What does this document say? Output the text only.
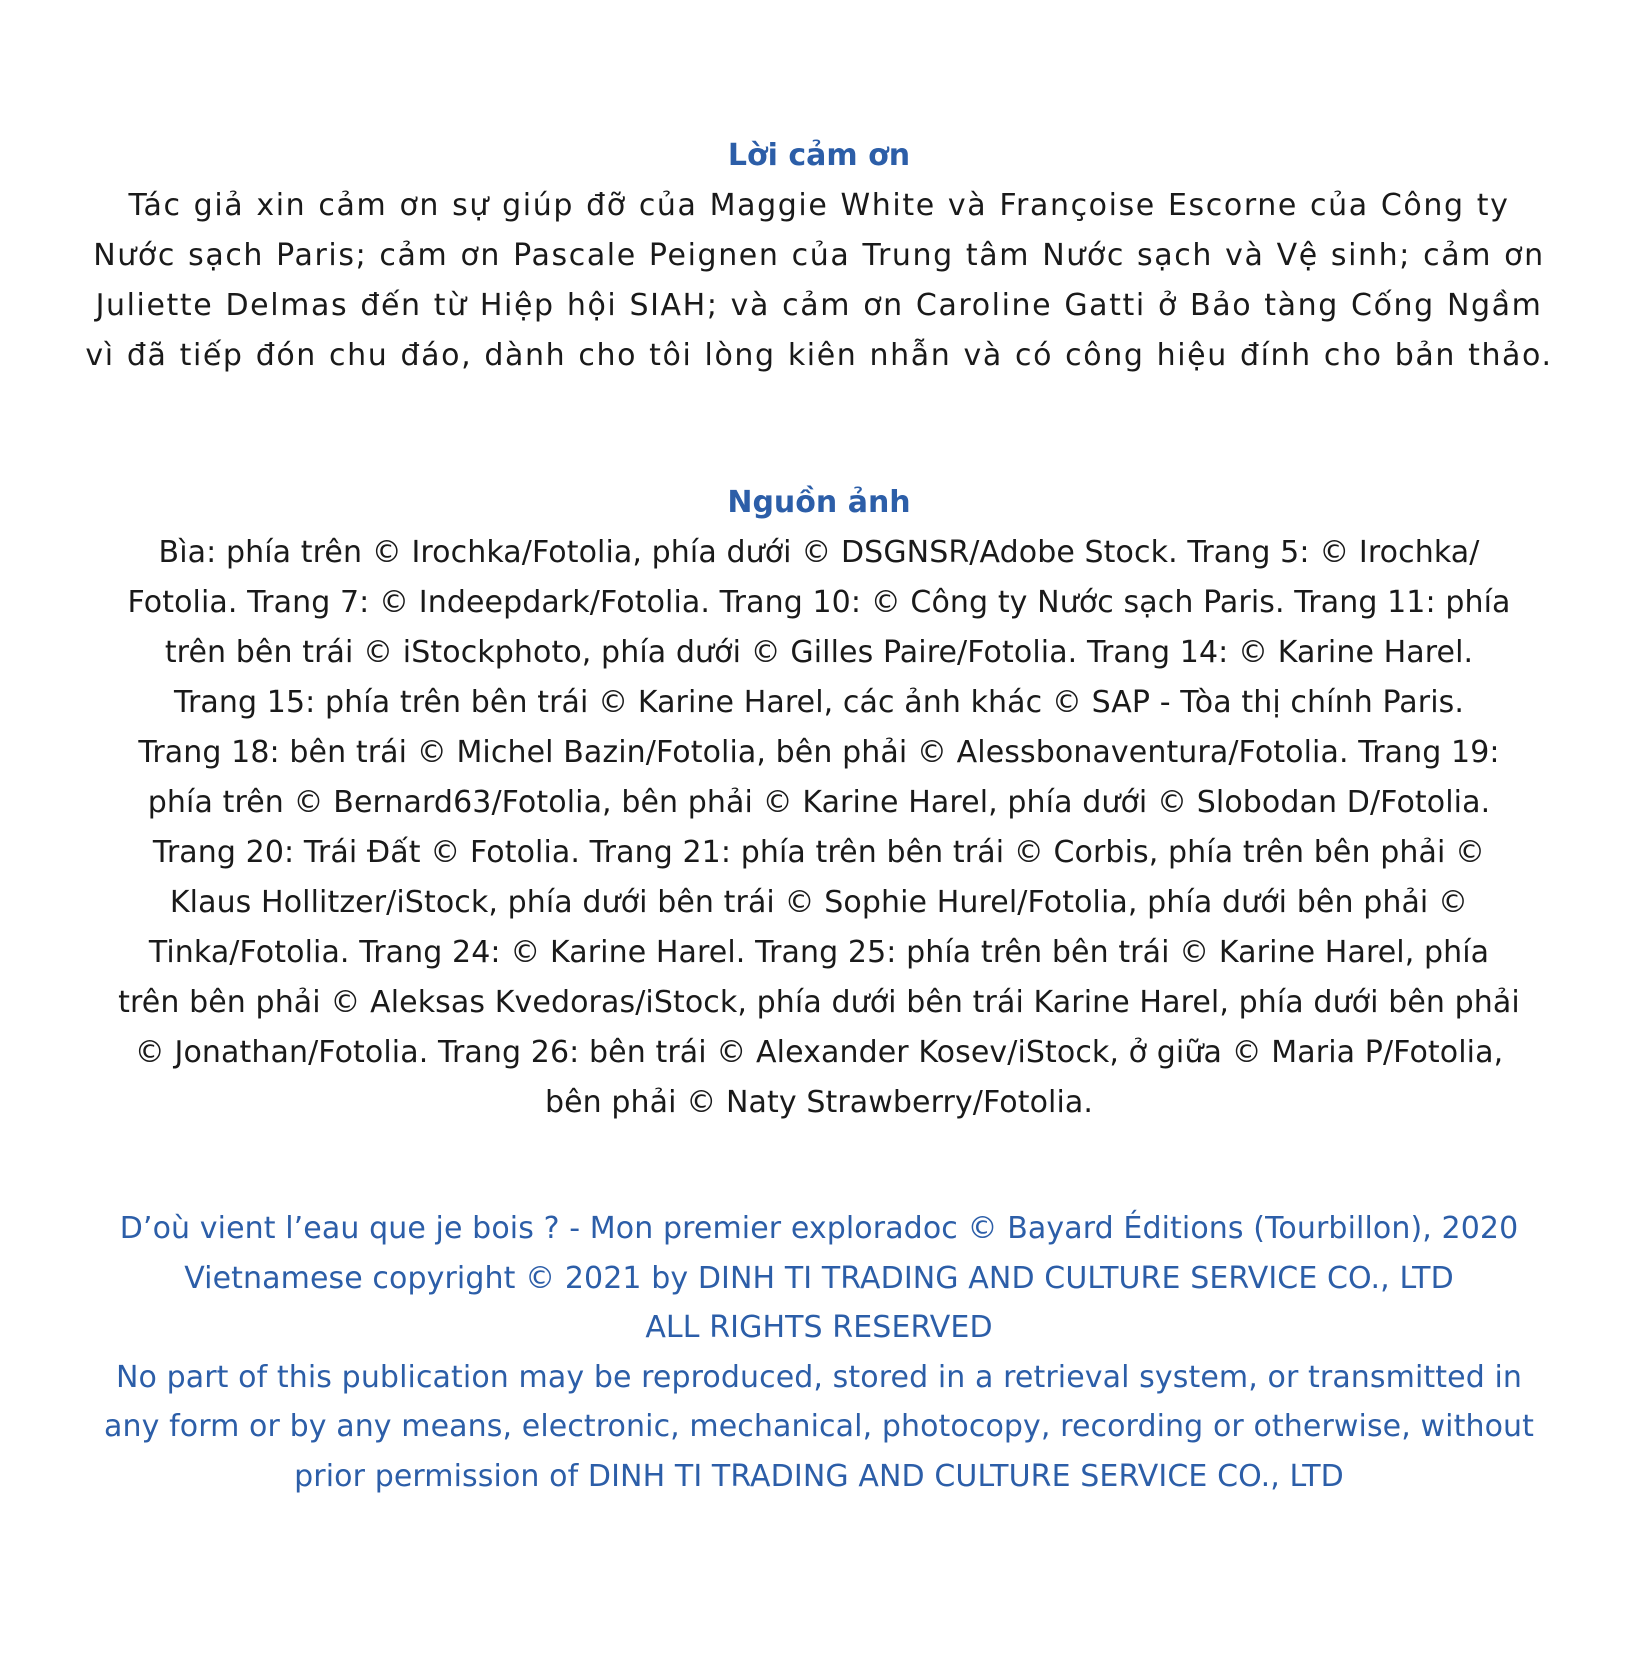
Lời cảm ơn

Tác giả xin cảm ơn sự giúp đỡ của Maggie White và Françoise Escorne của Công ty

Nước sạch Paris; cảm ơn Pascale Peignen của Trung tâm Nước sạch và Vệ sinh; cảm ơn

Juliette Delmas đến từ Hiệp hội SIAH; và cảm ơn Caroline Gatti ở Bảo tàng Cống Ngầm

vì đã tiếp đón chu đáo, dành cho tôi lòng kiên nhẫn và có công hiệu đính cho bản thảo.

Nguồn ảnh

Bìa: phía trên © Irochka/Fotolia, phía dưới © DSGNSR/Adobe Stock. Trang 5: © Irochka/

Fotolia. Trang 7: © Indeepdark/Fotolia. Trang 10: © Công ty Nước sạch Paris. Trang 11: phía

trên bên trái © iStockphoto, phía dưới © Gilles Paire/Fotolia. Trang 14: © Karine Harel.

Trang 15: phía trên bên trái © Karine Harel, các ảnh khác © SAP - Tòa thị chính Paris.

Trang 18: bên trái © Michel Bazin/Fotolia, bên phải © Alessbonaventura/Fotolia. Trang 19:

phía trên © Bernard63/Fotolia, bên phải © Karine Harel, phía dưới © Slobodan D/Fotolia.

Trang 20: Trái Đất © Fotolia. Trang 21: phía trên bên trái © Corbis, phía trên bên phải ©

Klaus Hollitzer/iStock, phía dưới bên trái © Sophie Hurel/Fotolia, phía dưới bên phải ©

Tinka/Fotolia. Trang 24: © Karine Harel. Trang 25: phía trên bên trái © Karine Harel, phía

trên bên phải © Aleksas Kvedoras/iStock, phía dưới bên trái Karine Harel, phía dưới bên phải

© Jonathan/Fotolia. Trang 26: bên trái © Alexander Kosev/iStock, ở giữa © Maria P/Fotolia,

bên phải © Naty Strawberry/Fotolia.

D’où vient l’eau que je bois ? - Mon premier exploradoc © Bayard Éditions (Tourbillon), 2020

Vietnamese copyright © 2021 by DINH TI TRADING AND CULTURE SERVICE CO., LTD

ALL RIGHTS RESERVED

No part of this publication may be reproduced, stored in a retrieval system, or transmitted in

any form or by any means, electronic, mechanical, photocopy, recording or otherwise, without

prior permission of DINH TI TRADING AND CULTURE SERVICE CO., LTD
